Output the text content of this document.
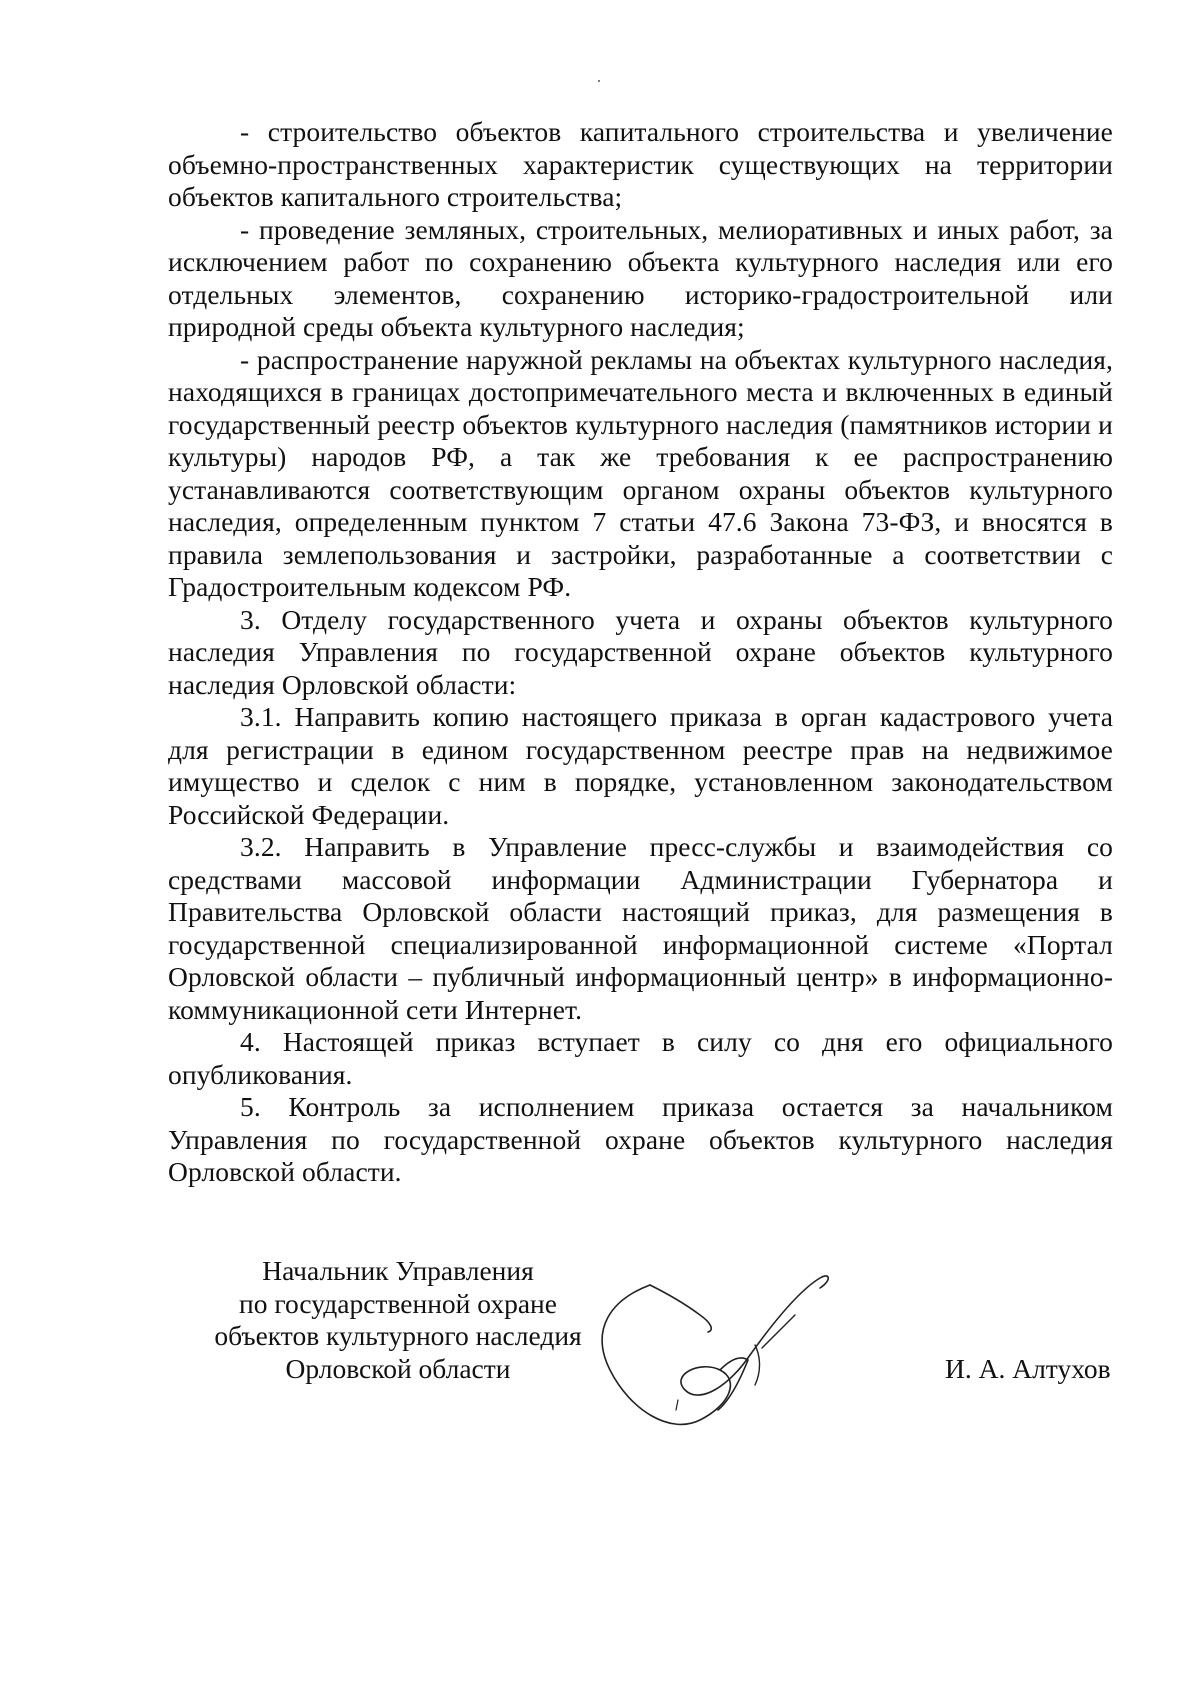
- строительство объектов капитального строительства и увеличение объемно-пространственных характеристик существующих на территории объектов капитального строительства;

- проведение земляных, строительных, мелиоративных и иных работ, за исключением работ по сохранению объекта культурного наследия или его отдельных элементов, сохранению историко-градостроительной или природной среды объекта культурного наследия;

- распространение наружной рекламы на объектах культурного наследия, находящихся в границах достопримечательного места и включенных в единый государственный реестр объектов культурного наследия (памятников истории и культуры) народов РФ, а так же требования к ее распространению устанавливаются соответствующим органом охраны объектов культурного наследия, определенным пунктом 7 статьи 47.6 Закона 73-ФЗ, и вносятся в правила землепользования и застройки, разработанные а соответствии с Градостроительным кодексом РФ.

3. Отделу государственного учета и охраны объектов культурного наследия Управления по государственной охране объектов культурного наследия Орловской области:

3.1. Направить копию настоящего приказа в орган кадастрового учета для регистрации в едином государственном реестре прав на недвижимое имущество и сделок с ним в порядке, установленном законодательством Российской Федерации.

3.2. Направить в Управление пресс-службы и взаимодействия со средствами массовой информации Администрации Губернатора и Правительства Орловской области настоящий приказ, для размещения в государственной специализированной информационной системе «Портал Орловской области – публичный информационный центр» в информационно-коммуникационной сети Интернет.

4. Настоящей приказ вступает в силу со дня его официального опубликования.

5. Контроль за исполнением приказа остается за начальником Управления по государственной охране объектов культурного наследия Орловской области.

Начальник Управления
по государственной охране
объектов культурного наследия
Орловской области	И. А. Алтухов
